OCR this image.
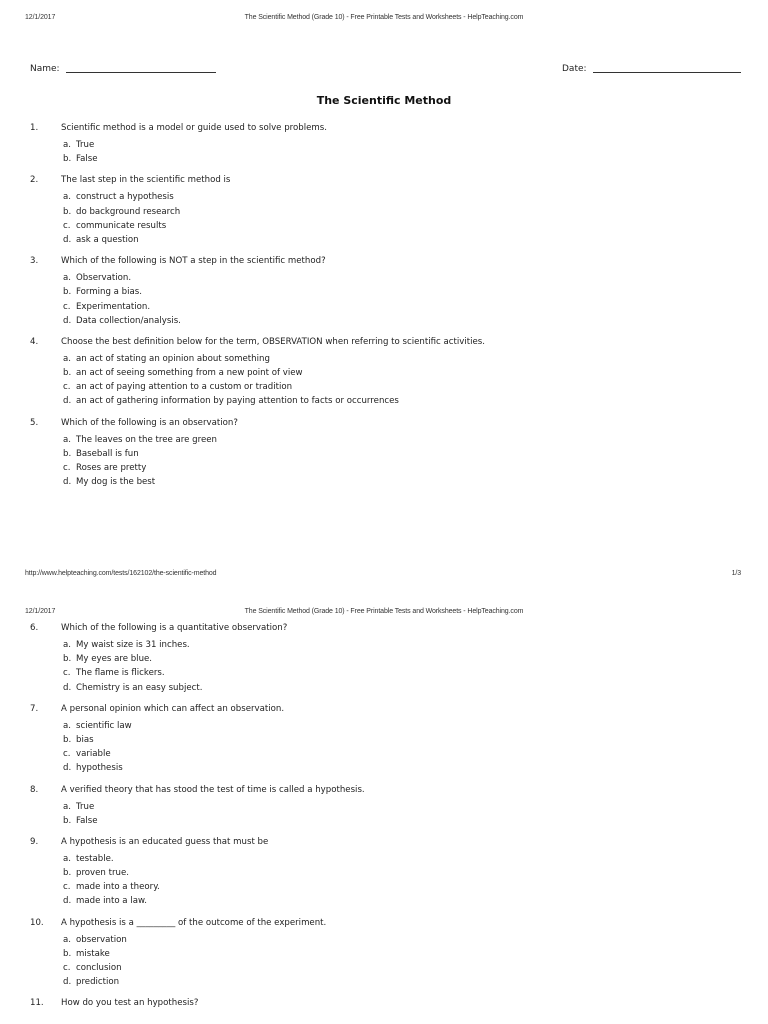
12/1/2017	The Scientific Method (Grade 10) - Free Printable Tests and Worksheets - HelpTeaching.com
Name:	Date:
The Scientific Method
1.	Scientific method is a model or guide used to solve problems.
a. True
b. False
2.	The last step in the scientific method is
a. construct a hypothesis
b. do background research
c. communicate results
d. ask a question
3.	Which of the following is NOT a step in the scientific method?
a. Observation.
b. Forming a bias.
c. Experimentation.
d. Data collection/analysis.
4.	Choose the best definition below for the term, OBSERVATION when referring to scientific activities.
a. an act of stating an opinion about something
b. an act of seeing something from a new point of view
c. an act of paying attention to a custom or tradition
d. an act of gathering information by paying attention to facts or occurrences
5.	Which of the following is an observation?
a. The leaves on the tree are green
b. Baseball is fun
c. Roses are pretty
d. My dog is the best
http://www.helpteaching.com/tests/162102/the-scientific-method	1/3
12/1/2017	The Scientific Method (Grade 10) - Free Printable Tests and Worksheets - HelpTeaching.com
6.	Which of the following is a quantitative observation?
a. My waist size is 31 inches.
b. My eyes are blue.
c. The flame is flickers.
d. Chemistry is an easy subject.
7.	A personal opinion which can affect an observation.
a. scientific law
b. bias
c. variable
d. hypothesis
8.	A verified theory that has stood the test of time is called a hypothesis.
a. True
b. False
9.	A hypothesis is an educated guess that must be
a. testable.
b. proven true.
c. made into a theory.
d. made into a law.
10. A hypothesis is a _________ of the outcome of the experiment.
a. observation
b. mistake
c. conclusion
d. prediction
11. How do you test an hypothesis?
